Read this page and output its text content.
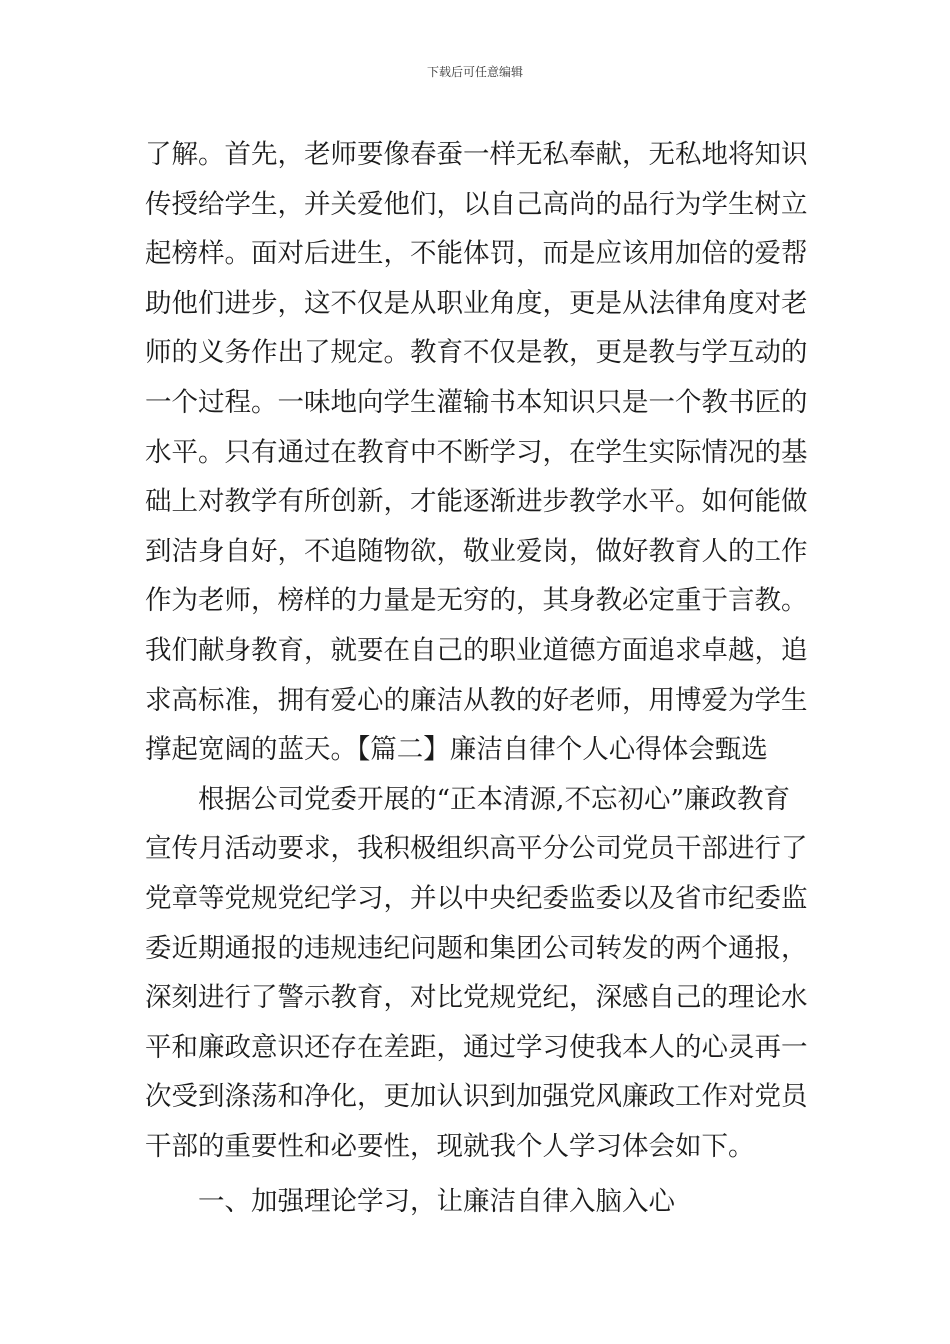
下载后可任意编辑
了解。首先，老师要像春蚕一样无私奉献，无私地将知识
传授给学生，并关爱他们，以自己高尚的品行为学生树立
起榜样。面对后进生，不能体罚，而是应该用加倍的爱帮
助他们进步，这不仅是从职业角度，更是从法律角度对老
师的义务作出了规定。教育不仅是教，更是教与学互动的
一个过程。一味地向学生灌输书本知识只是一个教书匠的
水平。只有通过在教育中不断学习，在学生实际情况的基
础上对教学有所创新，才能逐渐进步教学水平。如何能做
到洁身自好，不追随物欲，敬业爱岗，做好教育人的工作
作为老师，榜样的力量是无穷的，其身教必定重于言教。
我们献身教育，就要在自己的职业道德方面追求卓越，追
求高标准，拥有爱心的廉洁从教的好老师，用博爱为学生
撑起宽阔的蓝天。【篇二】廉洁自律个人心得体会甄选
根据公司党委开展的“正本清源,不忘初心”廉政教育
宣传月活动要求，我积极组织高平分公司党员干部进行了
党章等党规党纪学习，并以中央纪委监委以及省市纪委监
委近期通报的违规违纪问题和集团公司转发的两个通报，
深刻进行了警示教育，对比党规党纪，深感自己的理论水
平和廉政意识还存在差距，通过学习使我本人的心灵再一
次受到涤荡和净化，更加认识到加强党风廉政工作对党员
干部的重要性和必要性，现就我个人学习体会如下。
一、加强理论学习，让廉洁自律入脑入心
